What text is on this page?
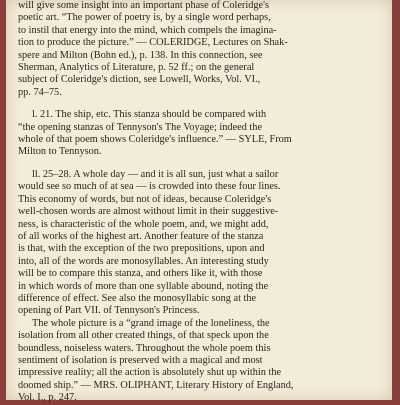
will give some insight into an important phase of Coleridge's
poetic art. “The power of poetry is, by a single word perhaps,
to instil that energy into the mind, which compels the imagina-
tion to produce the picture.” — COLERIDGE, Lectures on Shak-
spere and Milton (Bohn ed.), p. 138. In this connection, see
Sherman, Analytics of Literature, p. 52 ff.; on the general
subject of Coleridge's diction, see Lowell, Works, Vol. VI.,
pp. 74–75.
l. 21. The ship, etc. This stanza should be compared with
“the opening stanzas of Tennyson's The Voyage; indeed the
whole of that poem shows Coleridge's influence.” — SYLE, From
Milton to Tennyson.
ll. 25–28. A whole day — and it is all sun, just what a sailor
would see so much of at sea — is crowded into these four lines.
This economy of words, but not of ideas, because Coleridge's
well-chosen words are almost without limit in their suggestive-
ness, is characteristic of the whole poem, and, we might add,
of all works of the highest art. Another feature of the stanza
is that, with the exception of the two prepositions, upon and
into, all of the words are monosyllables. An interesting study
will be to compare this stanza, and others like it, with those
in which words of more than one syllable abound, noting the
difference of effect. See also the monosyllabic song at the
opening of Part VII. of Tennyson's Princess.
The whole picture is a “grand image of the loneliness, the
isolation from all other created things, of that speck upon the
boundless, noiseless waters. Throughout the whole poem this
sentiment of isolation is preserved with a magical and most
impressive reality; all the action is absolutely shut up within the
doomed ship.” — MRS. OLIPHANT, Literary History of England,
Vol. I., p. 247.
